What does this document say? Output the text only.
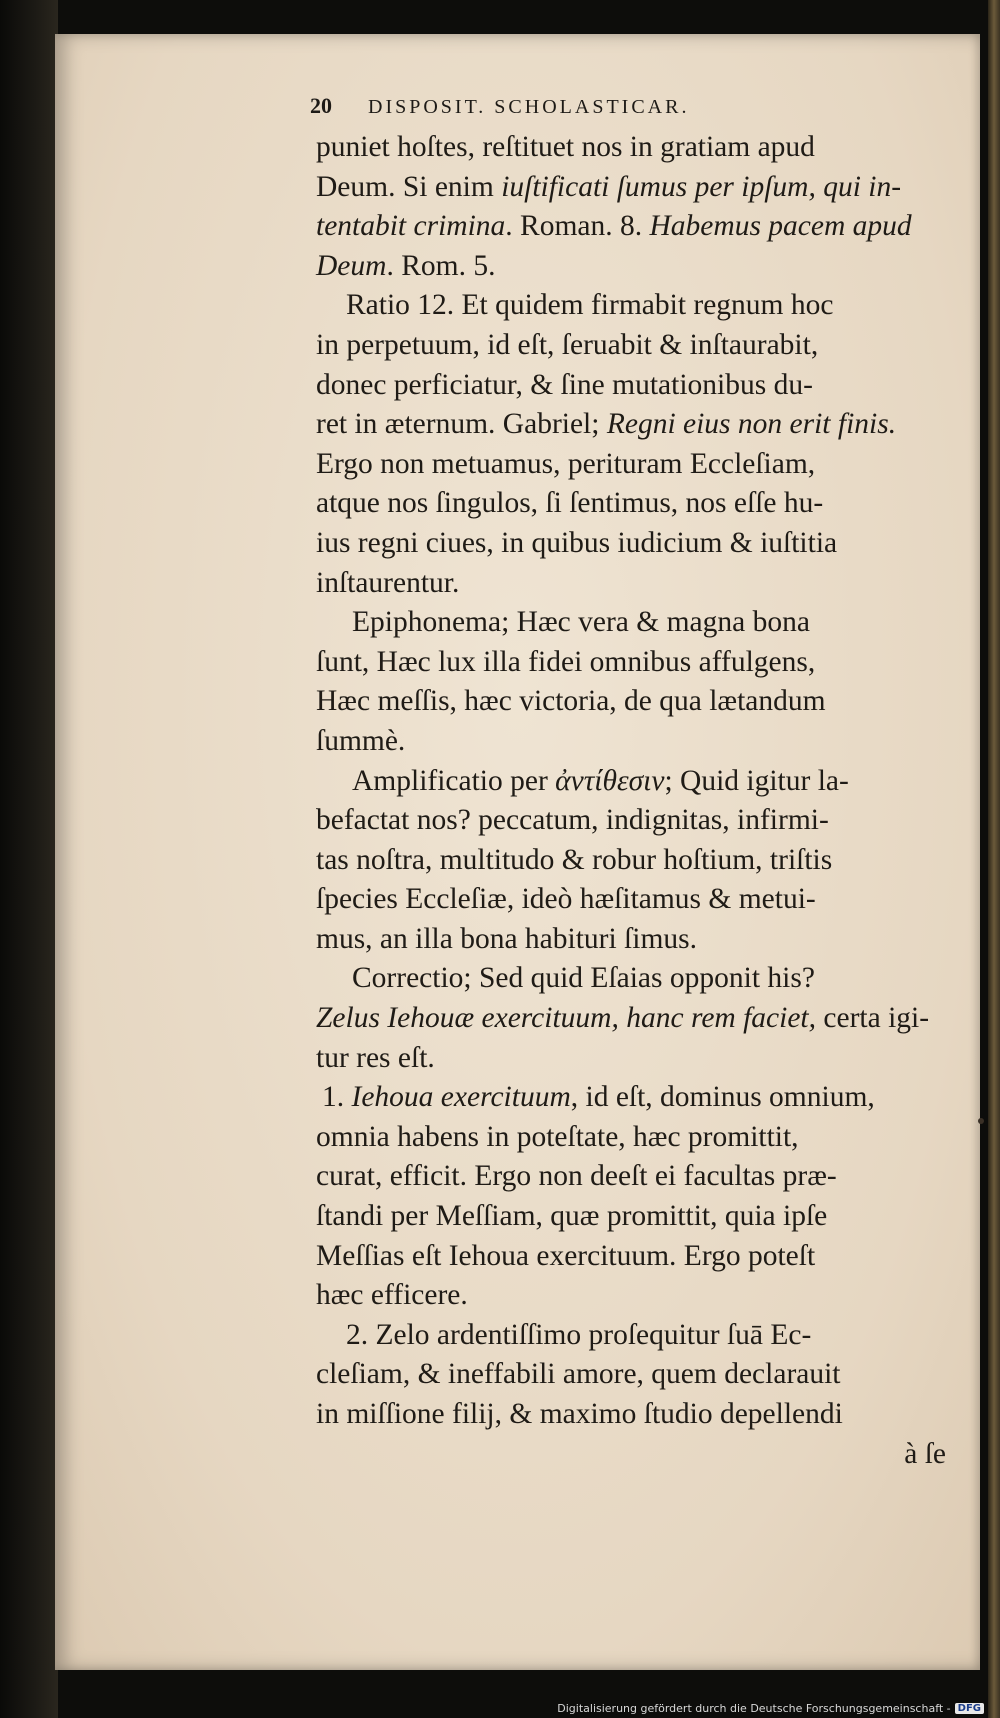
20 DISPOSIT. SCHOLASTICAR.
puniet hoſtes, reſtituet nos in gratiam apud
Deum. Si enim iuſtificati ſumus per ipſum, qui in-
tentabit crimina. Roman. 8. Habemus pacem apud
Deum. Rom. 5.
Ratio 12. Et quidem firmabit regnum hoc
in perpetuum, id eſt, ſeruabit & inſtaurabit,
donec perficiatur, & ſine mutationibus du-
ret in æternum. Gabriel; Regni eius non erit finis.
Ergo non metuamus, perituram Eccleſiam,
atque nos ſingulos, ſi ſentimus, nos eſſe hu-
ius regni ciues, in quibus iudicium & iuſtitia
inſtaurentur.
Epiphonema; Hæc vera & magna bona
ſunt, Hæc lux illa fidei omnibus affulgens,
Hæc meſſis, hæc victoria, de qua lætandum
ſummè.
Amplificatio per ἀντίθεσιν; Quid igitur la-
befactat nos? peccatum, indignitas, infirmi-
tas noſtra, multitudo & robur hoſtium, triſtis
ſpecies Eccleſiæ, ideò hæſitamus & metui-
mus, an illa bona habituri ſimus.
Correctio; Sed quid Eſaias opponit his?
Zelus Iehouæ exercituum, hanc rem faciet, certa igi-
tur res eſt.
1. Iehoua exercituum, id eſt, dominus omnium,
omnia habens in poteſtate, hæc promittit,
curat, efficit. Ergo non deeſt ei facultas præ-
ſtandi per Meſſiam, quæ promittit, quia ipſe
Meſſias eſt Iehoua exercituum. Ergo poteſt
hæc efficere.
2. Zelo ardentiſſimo proſequitur ſuā Ec-
cleſiam, & ineffabili amore, quem declarauit
in miſſione filij, & maximo ſtudio depellendi
à ſe
Digitalisierung gefördert durch die Deutsche Forschungsgemeinschaft - DFG
